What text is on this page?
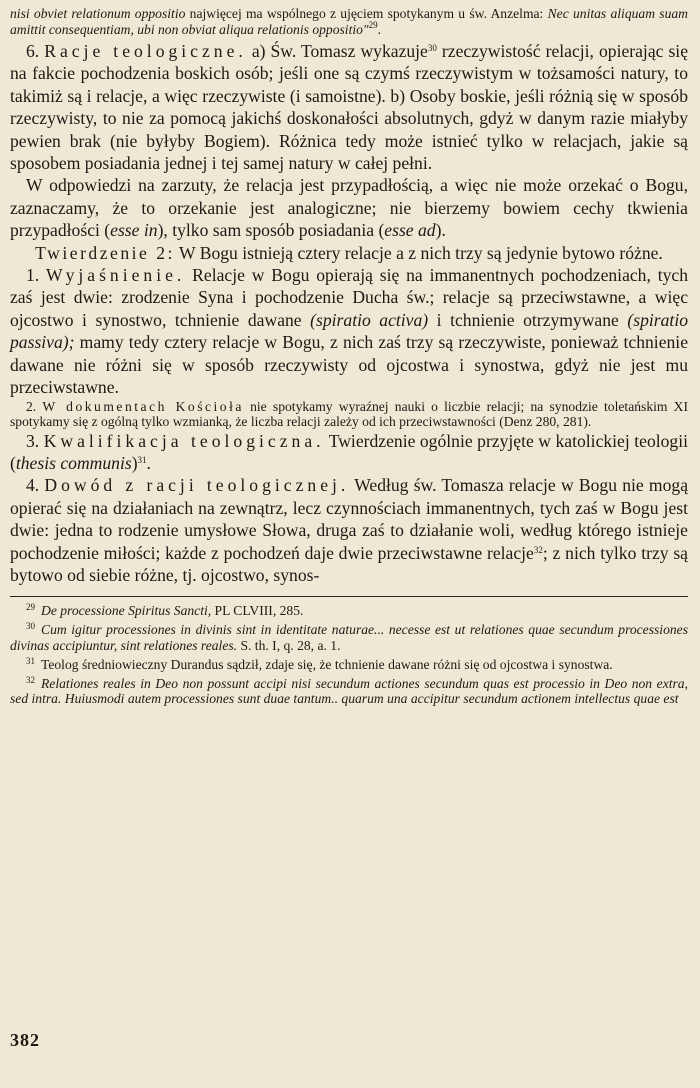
nisi obviet relationum oppositio najwięcej ma wspólnego z ujęciem spotykanym u św. Anzelma: Nec unitas aliquam suam amittit consequentiam, ubi non obviat aliqua relationis oppositio"$^{29}$.

6. Racje teologiczne. a) Św. Tomasz wykazuje$^{30}$ rzeczywistość relacji, opierając się na fakcie pochodzenia boskich osób; jeśli one są czymś rzeczywistym w tożsamości natury, to takimiż są i relacje, a więc rzeczywiste (i samoistne). b) Osoby boskie, jeśli różnią się w sposób rzeczywisty, to nie za pomocą jakichś doskonałości absolutnych, gdyż w danym razie miałyby pewien brak (nie byłyby Bogiem). Różnica tedy może istnieć tylko w relacjach, jakie są sposobem posiadania jednej i tej samej natury w całej pełni.

W odpowiedzi na zarzuty, że relacja jest przypadłością, a więc nie może orzekać o Bogu, zaznaczamy, że to orzekanie jest analogiczne; nie bierzemy bowiem cechy tkwienia przypadłości (esse in), tylko sam sposób posiadania (esse ad).

Twierdzenie 2: W Bogu istnieją cztery relacje a z nich trzy są jedynie bytowo różne.

1. Wyjaśnienie. Relacje w Bogu opierają się na immanentnych pochodzeniach, tych zaś jest dwie: zrodzenie Syna i pochodzenie Ducha św.; relacje są przeciwstawne, a więc ojcostwo i synostwo, tchnienie dawane (spiratio activa) i tchnienie otrzymywane (spiratio passiva); mamy tedy cztery relacje w Bogu, z nich zaś trzy są rzeczywiste, ponieważ tchnienie dawane nie różni się w sposób rzeczywisty od ojcostwa i synostwa, gdyż nie jest mu przeciwstawne.

2. W dokumentach Kościoła nie spotykamy wyraźnej nauki o liczbie relacji; na synodzie toletańskim XI spotykamy się z ogólną tylko wzmianką, że liczba relacji zależy od ich przeciwstawności (Denz 280, 281).

3. Kwalifikacja teologiczna. Twierdzenie ogólnie przyjęte w katolickiej teologii (thesis communis)$^{31}$.

4. Dowód z racji teologicznej. Według św. Tomasza relacje w Bogu nie mogą opierać się na działaniach na zewnątrz, lecz czynnościach immanentnych, tych zaś w Bogu jest dwie: jedna to rodzenie umysłowe Słowa, druga zaś to działanie woli, według którego istnieje pochodzenie miłości; każde z pochodzeń daje dwie przeciwstawne relacje$^{32}$; z nich tylko trzy są bytowo od siebie różne, tj. ojcostwo, synos-

$^{29}$ De processione Spiritus Sancti, PL CLVIII, 285.

$^{30}$ Cum igitur processiones in divinis sint in identitate naturae... necesse est ut relationes quae secundum processiones divinas accipiuntur, sint relationes reales. S. th. I, q. 28, a. 1.

$^{31}$ Teolog średniowieczny Durandus sądził, zdaje się, że tchnienie dawane różni się od ojcostwa i synostwa.

$^{32}$ Relationes reales in Deo non possunt accipi nisi secundum actiones secundum quas est processio in Deo non extra, sed intra. Huiusmodi autem processiones sunt duae tantum.. quarum una accipitur secundum actionem intellectus quae est

382
